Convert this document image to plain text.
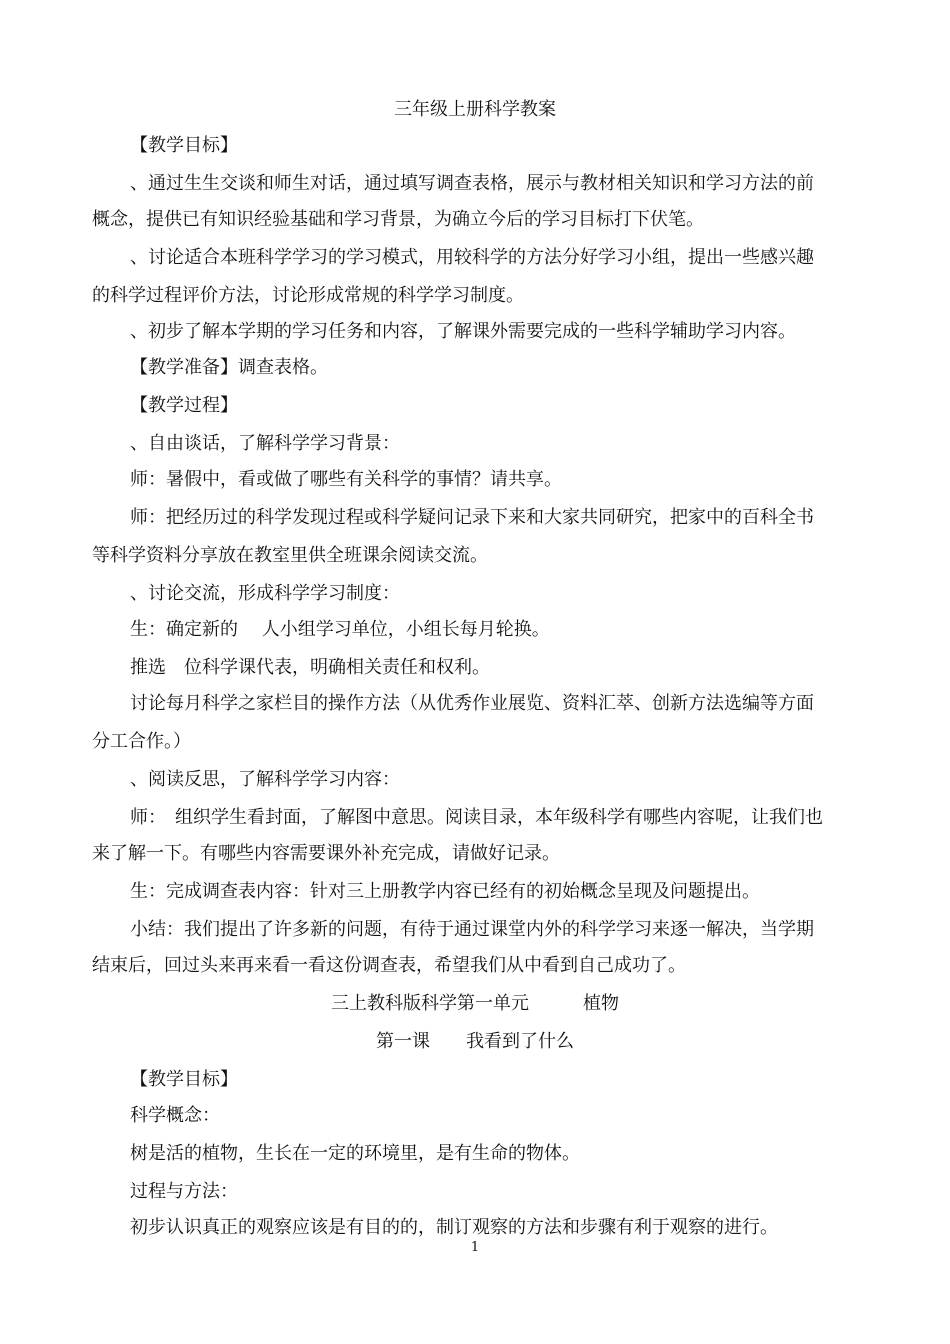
三年级上册科学教案
【教学目标】
、通过生生交谈和师生对话，通过填写调查表格，展示与教材相关知识和学习方法的前
概念，提供已有知识经验基础和学习背景，为确立今后的学习目标打下伏笔。
、讨论适合本班科学学习的学习模式，用较科学的方法分好学习小组，提出一些感兴趣
的科学过程评价方法，讨论形成常规的科学学习制度。
、初步了解本学期的学习任务和内容，了解课外需要完成的一些科学辅助学习内容。
【教学准备】调查表格。
【教学过程】
、自由谈话，了解科学学习背景：
师：暑假中，看或做了哪些有关科学的事情？请共享。
师：把经历过的科学发现过程或科学疑问记录下来和大家共同研究，把家中的百科全书
等科学资料分享放在教室里供全班课余阅读交流。
、讨论交流，形成科学学习制度：
生：确定新的　 人小组学习单位，小组长每月轮换。
推选　位科学课代表，明确相关责任和权利。
讨论每月科学之家栏目的操作方法（从优秀作业展览、资料汇萃、创新方法选编等方面
分工合作。）
、阅读反思，了解科学学习内容：
师：　组织学生看封面，了解图中意思。阅读目录，本年级科学有哪些内容呢，让我们也
来了解一下。有哪些内容需要课外补充完成，请做好记录。
生：完成调查表内容：针对三上册教学内容已经有的初始概念呈现及问题提出。
小结：我们提出了许多新的问题，有待于通过课堂内外的科学学习来逐一解决，当学期
结束后，回过头来再来看一看这份调查表，希望我们从中看到自己成功了。
三上教科版科学第一单元　　　植物
第一课　　我看到了什么
【教学目标】
科学概念：
树是活的植物，生长在一定的环境里，是有生命的物体。
过程与方法：
初步认识真正的观察应该是有目的的，制订观察的方法和步骤有利于观察的进行。
1
